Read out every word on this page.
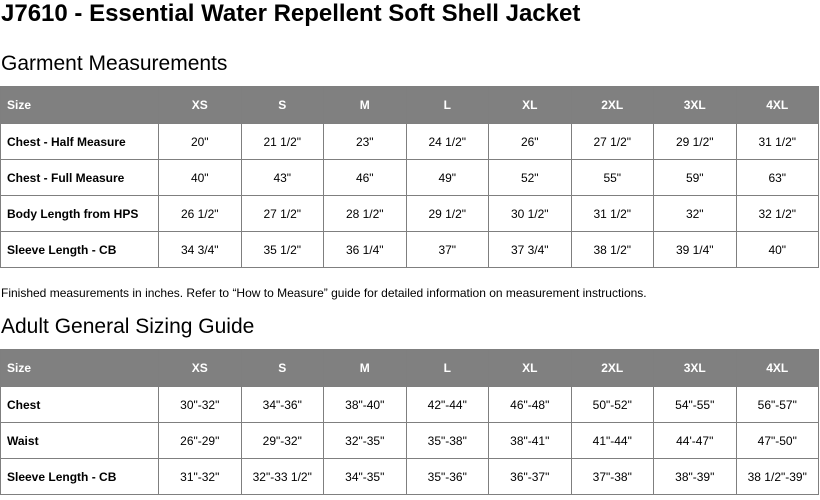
J7610 - Essential Water Repellent Soft Shell Jacket
Garment Measurements
Size	XS	S	M	L	XL	2XL	3XL	4XL
Chest - Half Measure	20"	21 1/2"	23"	24 1/2"	26"	27 1/2"	29 1/2"	31 1/2"
Chest - Full Measure	40"	43"	46"	49"	52"	55"	59"	63"
Body Length from HPS	26 1/2"	27 1/2"	28 1/2"	29 1/2"	30 1/2"	31 1/2"	32"	32 1/2"
Sleeve Length - CB	34 3/4"	35 1/2"	36 1/4"	37"	37 3/4"	38 1/2"	39 1/4"	40"
Finished measurements in inches. Refer to “How to Measure” guide for detailed information on measurement instructions.
Adult General Sizing Guide
Size	XS	S	M	L	XL	2XL	3XL	4XL
Chest	30"-32"	34"-36"	38"-40"	42"-44"	46"-48"	50"-52"	54"-55"	56"-57"
Waist	26"-29"	29"-32"	32"-35"	35"-38"	38"-41"	41"-44"	44'-47"	47"-50"
Sleeve Length - CB	31"-32"	32"-33 1/2"	34"-35"	35"-36"	36"-37"	37"-38"	38"-39"	38 1/2"-39"
